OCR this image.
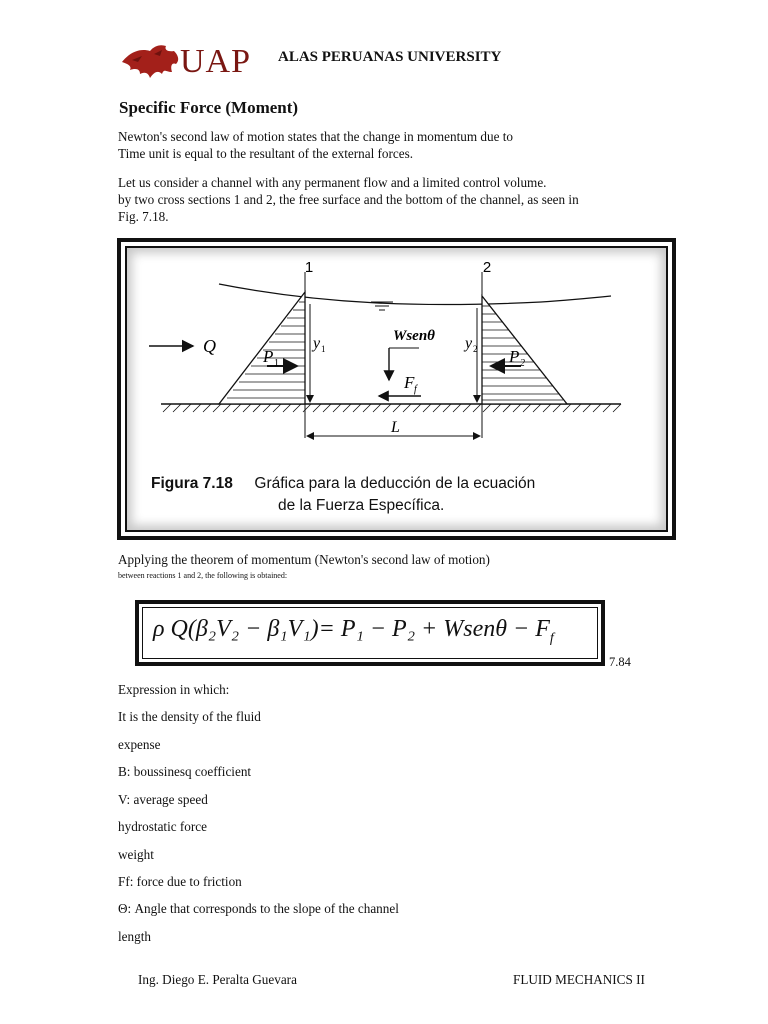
UAP ALAS PERUANAS UNIVERSITY
Specific Force (Moment)
Newton's second law of motion states that the change in momentum due to
Time unit is equal to the resultant of the external forces.
Let us consider a channel with any permanent flow and a limited control volume.
by two cross sections 1 and 2, the free surface and the bottom of the channel, as seen in
Fig. 7.18.
1	2
Q
P 1	P 2
y 1	y 2
Wsenθ
F f
L
Figura 7.18 Gráfica para la deducción de la ecuación
de la Fuerza Específica.
Applying the theorem of momentum (Newton's second law of motion)
between reactions 1 and 2, the following is obtained:
ρ Q(β₂V₂ − β₁V₁)= P₁ − P₂ + Wsenθ − $F_f$
7.84
Expression in which:
It is the density of the fluid
expense
B: boussinesq coefficient
V: average speed
hydrostatic force
weight
Ff: force due to friction
Θ: Angle that corresponds to the slope of the channel
length
Ing. Diego E. Peralta Guevara	FLUID MECHANICS II
